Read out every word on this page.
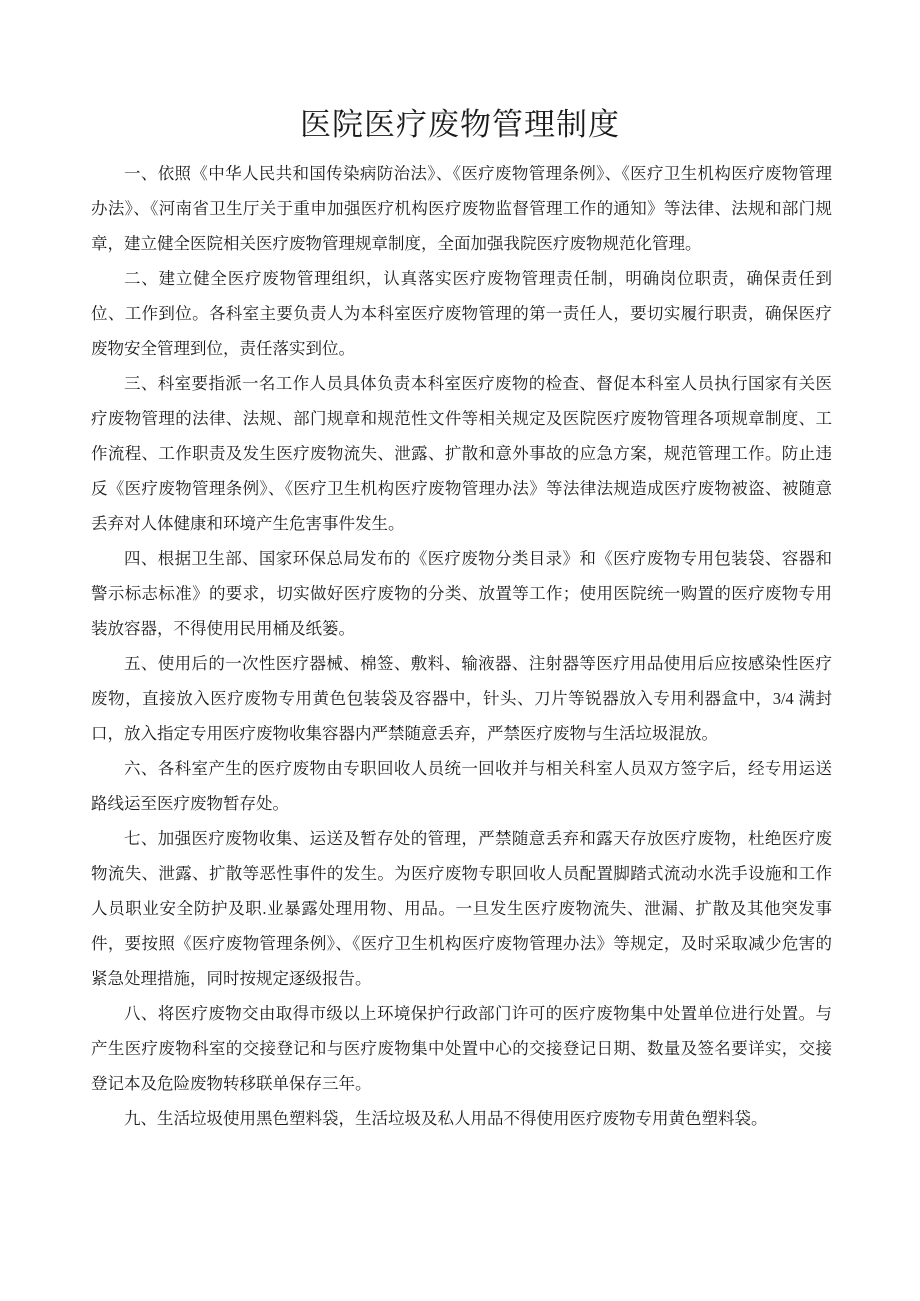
医院医疗废物管理制度

一、依照《中华人民共和国传染病防治法》、《医疗废物管理条例》、《医疗卫生机构医疗废物管理办法》、《河南省卫生厅关于重申加强医疗机构医疗废物监督管理工作的通知》等法律、法规和部门规章，建立健全医院相关医疗废物管理规章制度，全面加强我院医疗废物规范化管理。

二、建立健全医疗废物管理组织，认真落实医疗废物管理责任制，明确岗位职责，确保责任到位、工作到位。各科室主要负责人为本科室医疗废物管理的第一责任人，要切实履行职责，确保医疗废物安全管理到位，责任落实到位。

三、科室要指派一名工作人员具体负责本科室医疗废物的检查、督促本科室人员执行国家有关医疗废物管理的法律、法规、部门规章和规范性文件等相关规定及医院医疗废物管理各项规章制度、工作流程、工作职责及发生医疗废物流失、泄露、扩散和意外事故的应急方案，规范管理工作。防止违反《医疗废物管理条例》、《医疗卫生机构医疗废物管理办法》等法律法规造成医疗废物被盗、被随意丢弃对人体健康和环境产生危害事件发生。

四、根据卫生部、国家环保总局发布的《医疗废物分类目录》和《医疗废物专用包装袋、容器和警示标志标准》的要求，切实做好医疗废物的分类、放置等工作；使用医院统一购置的医疗废物专用装放容器，不得使用民用桶及纸篓。

五、使用后的一次性医疗器械、棉签、敷料、输液器、注射器等医疗用品使用后应按感染性医疗废物，直接放入医疗废物专用黄色包装袋及容器中，针头、刀片等锐器放入专用利器盒中，3/4 满封口，放入指定专用医疗废物收集容器内严禁随意丢弃，严禁医疗废物与生活垃圾混放。

六、各科室产生的医疗废物由专职回收人员统一回收并与相关科室人员双方签字后，经专用运送路线运至医疗废物暂存处。

七、加强医疗废物收集、运送及暂存处的管理，严禁随意丢弃和露天存放医疗废物，杜绝医疗废物流失、泄露、扩散等恶性事件的发生。为医疗废物专职回收人员配置脚踏式流动水洗手设施和工作人员职业安全防护及职.业暴露处理用物、用品。一旦发生医疗废物流失、泄漏、扩散及其他突发事件，要按照《医疗废物管理条例》、《医疗卫生机构医疗废物管理办法》等规定，及时采取减少危害的紧急处理措施，同时按规定逐级报告。

八、将医疗废物交由取得市级以上环境保护行政部门许可的医疗废物集中处置单位进行处置。与产生医疗废物科室的交接登记和与医疗废物集中处置中心的交接登记日期、数量及签名要详实，交接登记本及危险废物转移联单保存三年。

九、生活垃圾使用黑色塑料袋，生活垃圾及私人用品不得使用医疗废物专用黄色塑料袋。
